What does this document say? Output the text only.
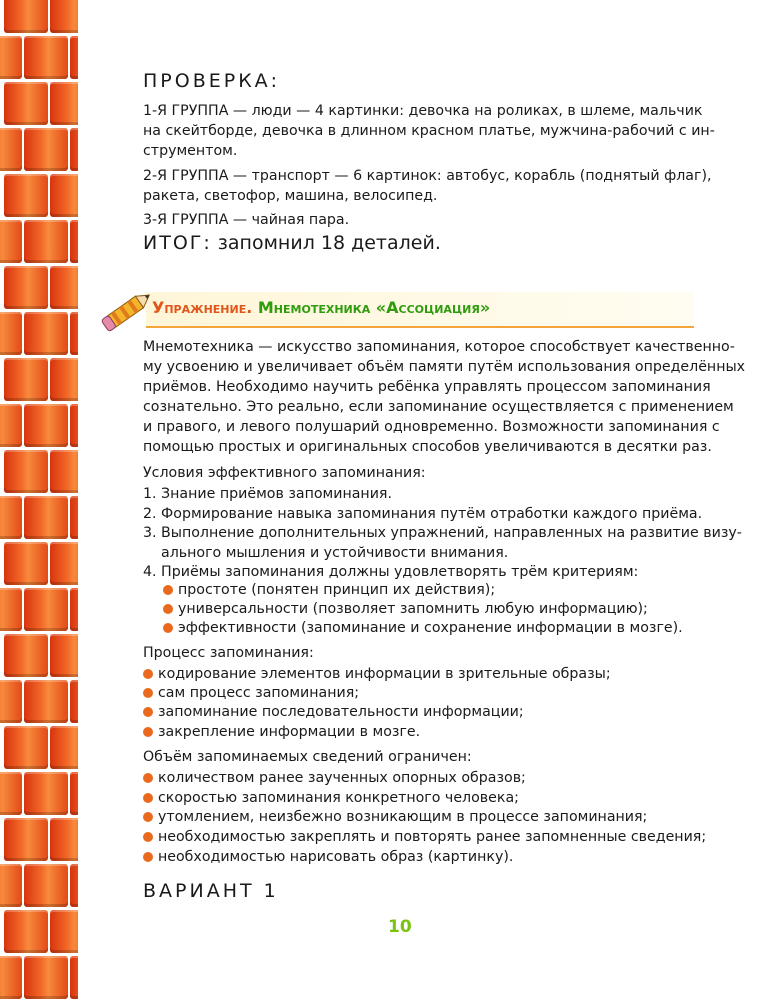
ПРОВЕРКА:
1-Я ГРУППА — люди — 4 картинки: девочка на роликах, в шлеме, мальчик
на скейтборде, девочка в длинном красном платье, мужчина-рабочий с ин-
струментом.
2-Я ГРУППА — транспорт — 6 картинок: автобус, корабль (поднятый флаг),
ракета, светофор, машина, велосипед.
3-Я ГРУППА — чайная пара.
ИТОГ: запомнил 18 деталей.
Упражнение. Мнемотехника «Ассоциация»
Мнемотехника — искусство запоминания, которое способствует качественно-
му усвоению и увеличивает объём памяти путём использования определённых
приёмов. Необходимо научить ребёнка управлять процессом запоминания
сознательно. Это реально, если запоминание осуществляется с применением
и правого, и левого полушарий одновременно. Возможности запоминания с
помощью простых и оригинальных способов увеличиваются в десятки раз.
Условия эффективного запоминания:
1. Знание приёмов запоминания.
2. Формирование навыка запоминания путём отработки каждого приёма.
3. Выполнение дополнительных упражнений, направленных на развитие визу-
ального мышления и устойчивости внимания.
4. Приёмы запоминания должны удовлетворять трём критериям:
простоте (понятен принцип их действия);
универсальности (позволяет запомнить любую информацию);
эффективности (запоминание и сохранение информации в мозге).
Процесс запоминания:
кодирование элементов информации в зрительные образы;
сам процесс запоминания;
запоминание последовательности информации;
закрепление информации в мозге.
Объём запоминаемых сведений ограничен:
количеством ранее заученных опорных образов;
скоростью запоминания конкретного человека;
утомлением, неизбежно возникающим в процессе запоминания;
необходимостью закреплять и повторять ранее запомненные сведения;
необходимостью нарисовать образ (картинку).
ВАРИАНТ 1
10
